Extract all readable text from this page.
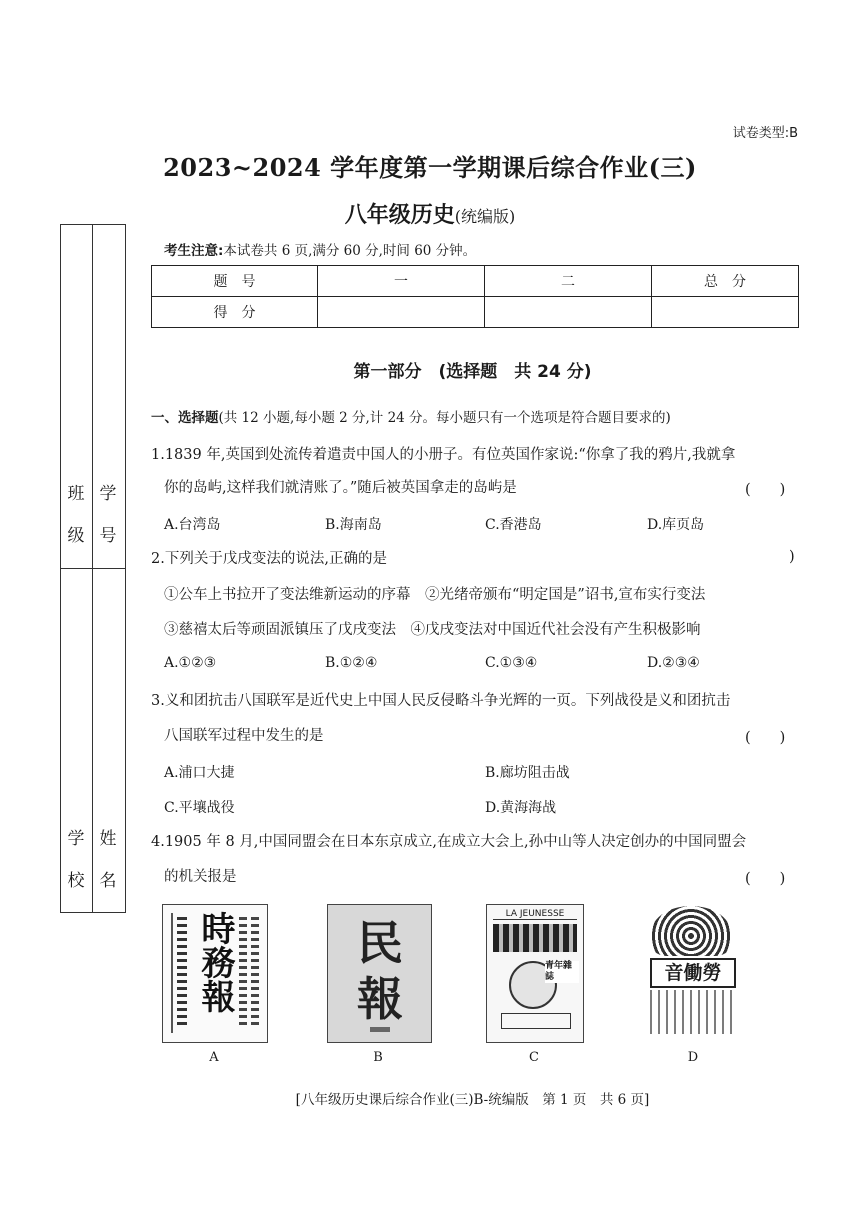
试卷类型:B
2023~2024 学年度第一学期课后综合作业(三)
八年级历史(统编版)
考生注意:本试卷共 6 页,满分 60 分,时间 60 分钟。
题　号	一	二	总　分
得　分			
班
级
学
号
学
校
姓
名
第一部分　(选择题　共 24 分)
一、选择题(共 12 小题,每小题 2 分,计 24 分。每小题只有一个选项是符合题目要求的)
1.1839 年,英国到处流传着遣责中国人的小册子。有位英国作家说:“你拿了我的鸦片,我就拿
你的岛屿,这样我们就清账了。”随后被英国拿走的岛屿是	(　　)
A.台湾岛	B.海南岛	C.香港岛	D.库页岛
2.下列关于戊戌变法的说法,正确的是	)
①公车上书拉开了变法维新运动的序幕　②光绪帝颁布“明定国是”诏书,宣布实行变法
③慈禧太后等顽固派镇压了戊戌变法　④戊戌变法对中国近代社会没有产生积极影响
A.①②③	B.①②④	C.①③④	D.②③④
3.义和团抗击八国联军是近代史上中国人民反侵略斗争光辉的一页。下列战役是义和团抗击
八国联军过程中发生的是	(　　)
A.浦口大捷	B.廊坊阻击战
C.平壤战役	D.黄海海战
4.1905 年 8 月,中国同盟会在日本东京成立,在成立大会上,孙中山等人决定创办的中国同盟会
的机关报是	(　　)
時務報
A
民報
B
LA JEUNESSE
青年雜誌
C
音働勞
D
[八年级历史课后综合作业(三)B-统编版　第 1 页　共 6 页]
